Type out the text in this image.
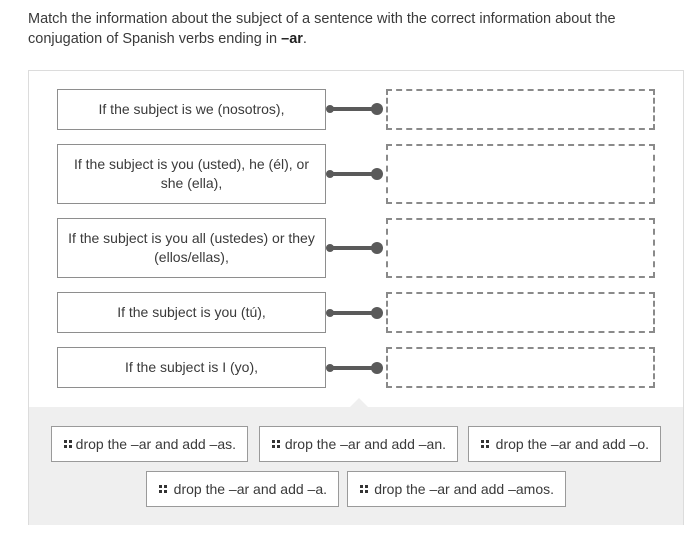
Match the information about the subject of a sentence with the correct information about the conjugation of Spanish verbs ending in –ar.
If the subject is we (nosotros),
If the subject is you (usted), he (él), or she (ella),
If the subject is you all (ustedes) or they (ellos/ellas),
If the subject is you (tú),
If the subject is I (yo),
drop the –ar and add –as.	drop the –ar and add –an.	drop the –ar and add –o.
drop the –ar and add –a.	drop the –ar and add –amos.
